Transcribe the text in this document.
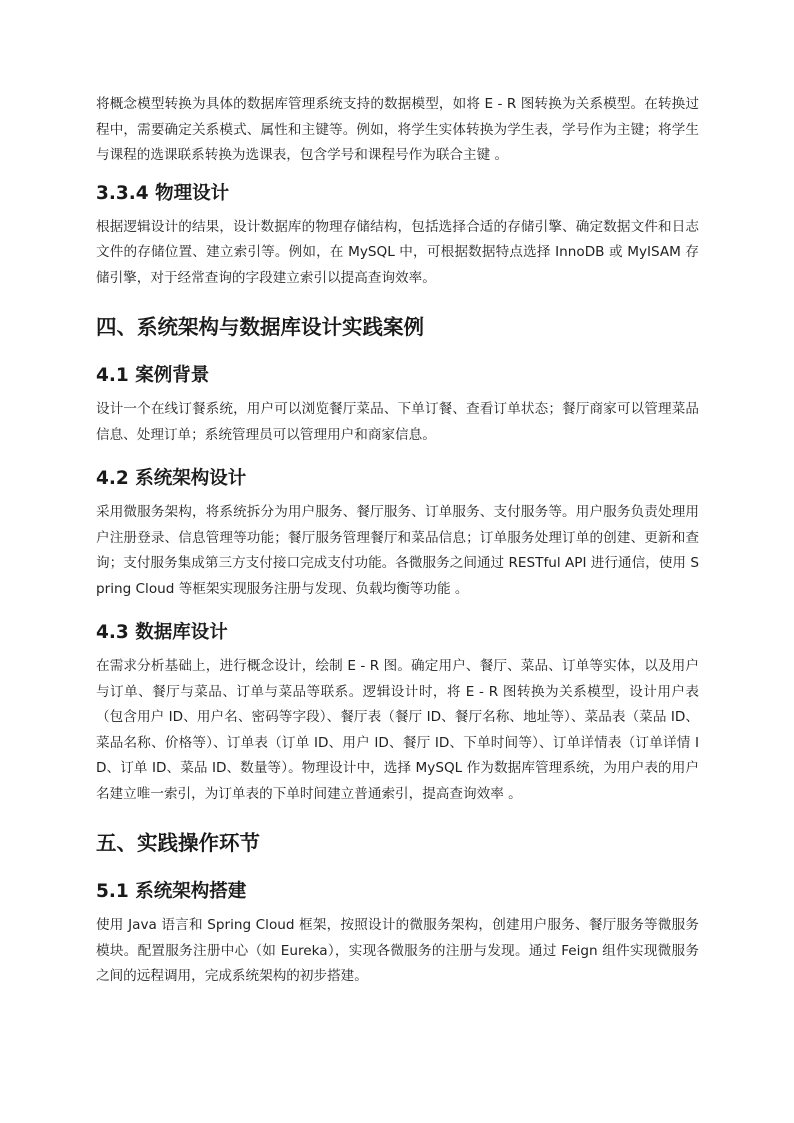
将概念模型转换为具体的数据库管理系统支持的数据模型，如将 E - R 图转换为关系模型。在转换过程中，需要确定关系模式、属性和主键等。例如，将学生实体转换为学生表，学号作为主键；将学生与课程的选课联系转换为选课表，包含学号和课程号作为联合主键 。

3.3.4 物理设计

根据逻辑设计的结果，设计数据库的物理存储结构，包括选择合适的存储引擎、确定数据文件和日志文件的存储位置、建立索引等。例如，在 MySQL 中，可根据数据特点选择 InnoDB 或 MyISAM 存储引擎，对于经常查询的字段建立索引以提高查询效率。

四、系统架构与数据库设计实践案例
4.1 案例背景

设计一个在线订餐系统，用户可以浏览餐厅菜品、下单订餐、查看订单状态；餐厅商家可以管理菜品信息、处理订单；系统管理员可以管理用户和商家信息。

4.2 系统架构设计

采用微服务架构，将系统拆分为用户服务、餐厅服务、订单服务、支付服务等。用户服务负责处理用户注册登录、信息管理等功能；餐厅服务管理餐厅和菜品信息；订单服务处理订单的创建、更新和查询；支付服务集成第三方支付接口完成支付功能。各微服务之间通过 RESTful API 进行通信，使用 Spring Cloud 等框架实现服务注册与发现、负载均衡等功能 。

4.3 数据库设计

在需求分析基础上，进行概念设计，绘制 E - R 图。确定用户、餐厅、菜品、订单等实体，以及用户与订单、餐厅与菜品、订单与菜品等联系。逻辑设计时，将 E - R 图转换为关系模型，设计用户表（包含用户 ID、用户名、密码等字段）、餐厅表（餐厅 ID、餐厅名称、地址等）、菜品表（菜品 ID、菜品名称、价格等）、订单表（订单 ID、用户 ID、餐厅 ID、下单时间等）、订单详情表（订单详情 ID、订单 ID、菜品 ID、数量等）。物理设计中，选择 MySQL 作为数据库管理系统，为用户表的用户名建立唯一索引，为订单表的下单时间建立普通索引，提高查询效率 。

五、实践操作环节
5.1 系统架构搭建

使用 Java 语言和 Spring Cloud 框架，按照设计的微服务架构，创建用户服务、餐厅服务等微服务模块。配置服务注册中心（如 Eureka），实现各微服务的注册与发现。通过 Feign 组件实现微服务之间的远程调用，完成系统架构的初步搭建。
